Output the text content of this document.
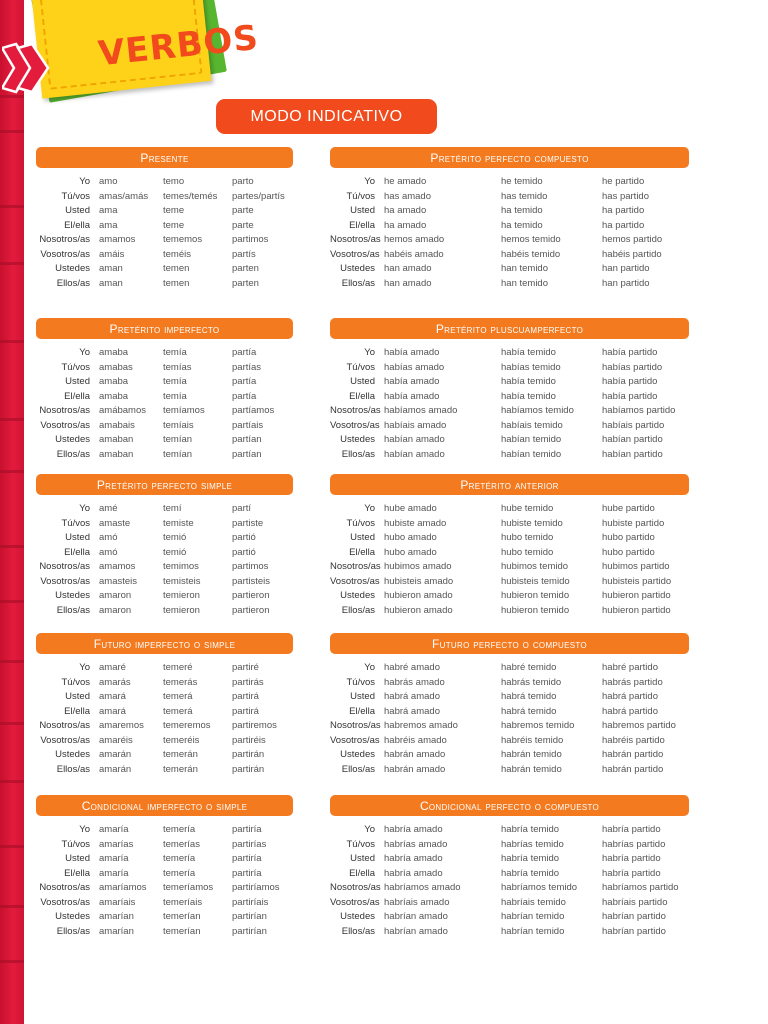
VERBOS
MODO INDICATIVO
Presente
Yo amo	temo	parto
Tú/vos amas/amás temes/temés partes/partís
Usted ama	teme	parte
El/ella ama	teme	parte
Nosotros/as amamos	tememos	partimos
Vosotros/as amáis	teméis	partís
Ustedes aman	temen	parten
Ellos/as aman	temen	parten
Pretérito perfecto compuesto
Yo he amado	he temido	he partido
Tú/vos has amado	has temido	has partido
Usted ha amado	ha temido	ha partido
El/ella ha amado	ha temido	ha partido
Nosotros/as hemos amado	hemos temido	hemos partido
Vosotros/as habéis amado	habéis temido	habéis partido
Ustedes han amado	han temido	han partido
Ellos/as han amado	han temido	han partido
Pretérito imperfecto
Yo amaba	temía	partía
Tú/vos amabas	temías	partías
Usted amaba	temía	partía
El/ella amaba	temía	partía
Nosotros/as amábamos temíamos	partíamos
Vosotros/as amabais	temíais	partíais
Ustedes amaban	temían	partían
Ellos/as amaban	temían	partían
Pretérito pluscuamperfecto
Yo había amado	había temido	había partido
Tú/vos habías amado	habías temido	habías partido
Usted había amado	había temido	había partido
El/ella había amado	había temido	había partido
Nosotros/as habíamos amado	habíamos temido	habíamos partido
Vosotros/as habíais amado	habíais temido	habíais partido
Ustedes habían amado	habían temido	habían partido
Ellos/as habían amado	habían temido	habían partido
Pretérito perfecto simple
Yo amé	temí	partí
Tú/vos amaste	temiste	partiste
Usted amó	temió	partió
El/ella amó	temió	partió
Nosotros/as amamos	temimos	partimos
Vosotros/as amasteis	temisteis	partisteis
Ustedes amaron	temieron	partieron
Ellos/as amaron	temieron	partieron
Pretérito anterior
Yo hube amado	hube temido	hube partido
Tú/vos hubiste amado	hubiste temido	hubiste partido
Usted hubo amado	hubo temido	hubo partido
El/ella hubo amado	hubo temido	hubo partido
Nosotros/as hubimos amado	hubimos temido	hubimos partido
Vosotros/as hubisteis amado	hubisteis temido	hubisteis partido
Ustedes hubieron amado	hubieron temido	hubieron partido
Ellos/as hubieron amado	hubieron temido	hubieron partido
Futuro imperfecto o simple
Yo amaré	temeré	partiré
Tú/vos amarás	temerás	partirás
Usted amará	temerá	partirá
El/ella amará	temerá	partirá
Nosotros/as amaremos temeremos partiremos
Vosotros/as amaréis	temeréis	partiréis
Ustedes amarán	temerán	partirán
Ellos/as amarán	temerán	partirán
Futuro perfecto o compuesto
Yo habré amado	habré temido	habré partido
Tú/vos habrás amado	habrás temido	habrás partido
Usted habrá amado	habrá temido	habrá partido
El/ella habrá amado	habrá temido	habrá partido
Nosotros/as habremos amado	habremos temido	habremos partido
Vosotros/as habréis amado	habréis temido	habréis partido
Ustedes habrán amado	habrán temido	habrán partido
Ellos/as habrán amado	habrán temido	habrán partido
Condicional imperfecto o simple
Yo amaría	temería	partiría
Tú/vos amarías	temerías	partirías
Usted amaría	temería	partiría
El/ella amaría	temería	partiría
Nosotros/as amaríamos temeríamos partiríamos
Vosotros/as amaríais	temeríais	partiríais
Ustedes amarían	temerían	partirían
Ellos/as amarían	temerían	partirían
Condicional perfecto o compuesto
Yo habría amado	habría temido	habría partido
Tú/vos habrías amado	habrías temido	habrías partido
Usted habría amado	habría temido	habría partido
El/ella habría amado	habría temido	habría partido
Nosotros/as habríamos amado	habríamos temido	habríamos partido
Vosotros/as habríais amado	habríais temido	habríais partido
Ustedes habrían amado	habrían temido	habrían partido
Ellos/as habrían amado	habrían temido	habrían partido
